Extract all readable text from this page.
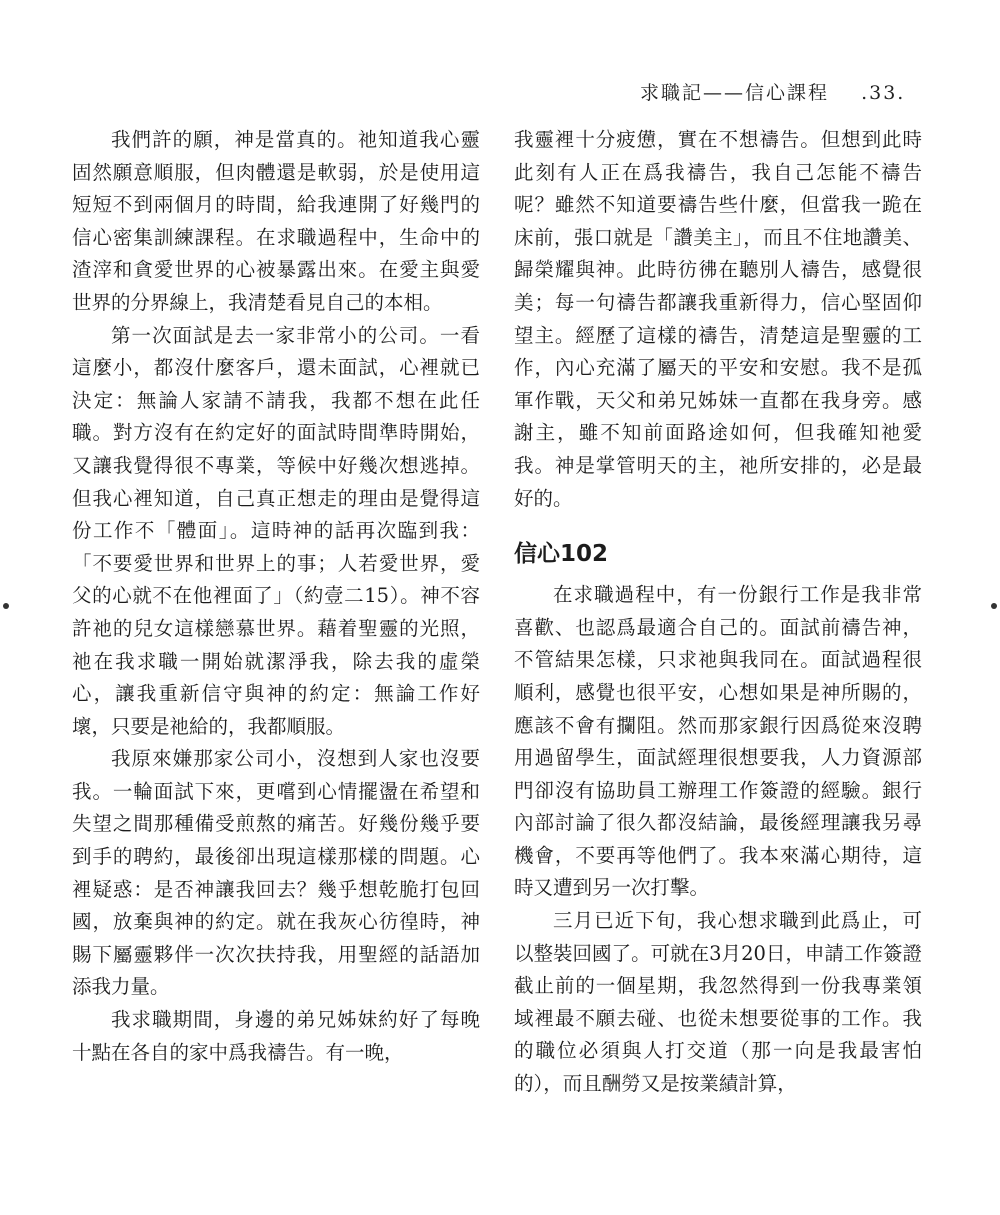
求職記——信心課程 .33.

我們許的願，神是當真的。祂知道我心靈固然願意順服，但肉體還是軟弱，於是使用這短短不到兩個月的時間，給我連開了好幾門的信心密集訓練課程。在求職過程中，生命中的渣滓和貪愛世界的心被暴露出來。在愛主與愛世界的分界線上，我清楚看見自己的本相。

第一次面試是去一家非常小的公司。一看這麼小，都沒什麼客戶，還未面試，心裡就已決定：無論人家請不請我，我都不想在此任職。對方沒有在約定好的面試時間準時開始，又讓我覺得很不專業，等候中好幾次想逃掉。但我心裡知道，自己真正想走的理由是覺得這份工作不「體面」。這時神的話再次臨到我：「不要愛世界和世界上的事；人若愛世界，愛父的心就不在他裡面了」（約壹二15）。神不容許祂的兒女這樣戀慕世界。藉着聖靈的光照，祂在我求職一開始就潔淨我，除去我的虛榮心，讓我重新信守與神的約定：無論工作好壞，只要是祂給的，我都順服。

我原來嫌那家公司小，沒想到人家也沒要我。一輪面試下來，更嚐到心情擺盪在希望和失望之間那種備受煎熬的痛苦。好幾份幾乎要到手的聘約，最後卻出現這樣那樣的問題。心裡疑惑：是否神讓我回去？幾乎想乾脆打包回國，放棄與神的約定。就在我灰心彷徨時，神賜下屬靈夥伴一次次扶持我，用聖經的話語加添我力量。

我求職期間，身邊的弟兄姊妹約好了每晚十點在各自的家中爲我禱告。有一晚，

我靈裡十分疲憊，實在不想禱告。但想到此時此刻有人正在爲我禱告，我自己怎能不禱告呢？雖然不知道要禱告些什麼，但當我一跪在床前，張口就是「讚美主」，而且不住地讚美、歸榮耀與神。此時彷彿在聽別人禱告，感覺很美；每一句禱告都讓我重新得力，信心堅固仰望主。經歷了這樣的禱告，清楚這是聖靈的工作，內心充滿了屬天的平安和安慰。我不是孤軍作戰，天父和弟兄姊妹一直都在我身旁。感謝主，雖不知前面路途如何，但我確知祂愛我。神是掌管明天的主，祂所安排的，必是最好的。

信心102

在求職過程中，有一份銀行工作是我非常喜歡、也認爲最適合自己的。面試前禱告神，不管結果怎樣，只求祂與我同在。面試過程很順利，感覺也很平安，心想如果是神所賜的，應該不會有攔阻。然而那家銀行因爲從來沒聘用過留學生，面試經理很想要我，人力資源部門卻沒有協助員工辦理工作簽證的經驗。銀行內部討論了很久都沒結論，最後經理讓我另尋機會，不要再等他們了。我本來滿心期待，這時又遭到另一次打擊。

三月已近下旬，我心想求職到此爲止，可以整裝回國了。可就在3月20日，申請工作簽證截止前的一個星期，我忽然得到一份我專業領域裡最不願去碰、也從未想要從事的工作。我的職位必須與人打交道（那一向是我最害怕的），而且酬勞又是按業績計算，
